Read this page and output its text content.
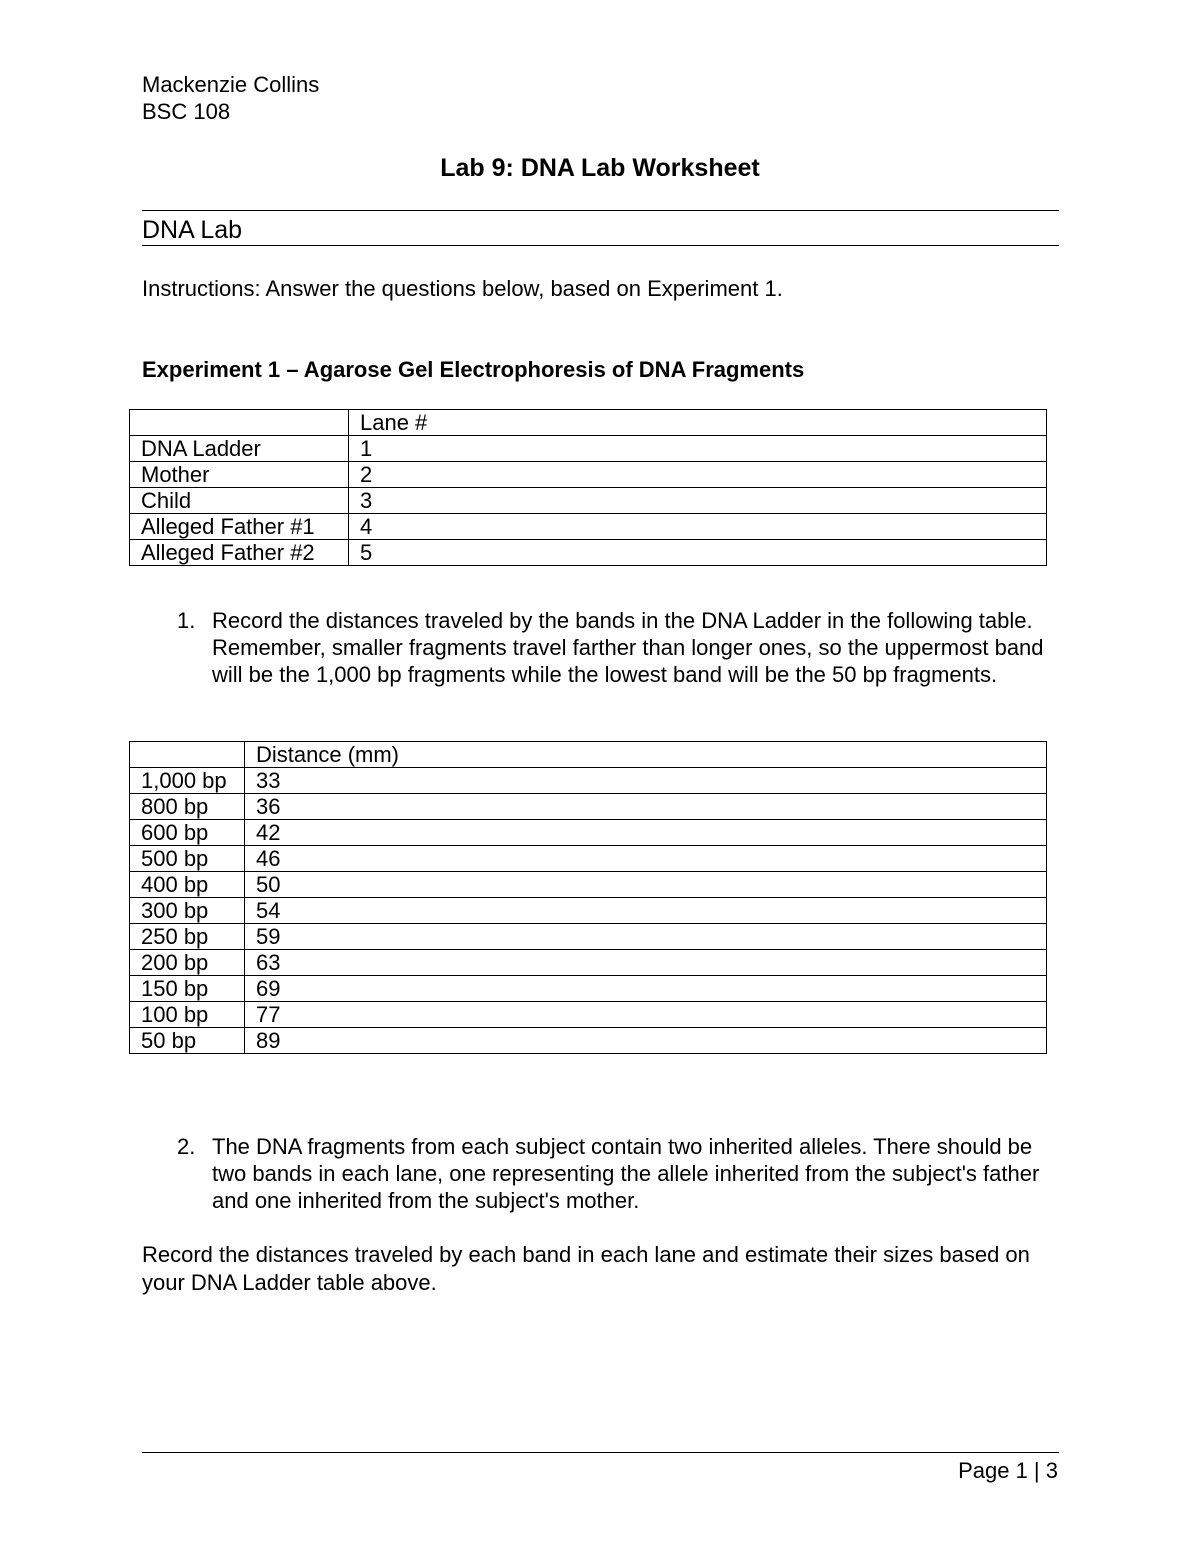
Mackenzie Collins
BSC 108
Lab 9: DNA Lab Worksheet
DNA Lab
Instructions: Answer the questions below, based on Experiment 1.
Experiment 1 – Agarose Gel Electrophoresis of DNA Fragments
	Lane #
DNA Ladder	1
Mother	2
Child	3
Alleged Father #1	4
Alleged Father #2	5
1. Record the distances traveled by the bands in the DNA Ladder in the following table. Remember, smaller fragments travel farther than longer ones, so the uppermost band will be the 1,000 bp fragments while the lowest band will be the 50 bp fragments.
	Distance (mm)
1,000 bp	33
800 bp	36
600 bp	42
500 bp	46
400 bp	50
300 bp	54
250 bp	59
200 bp	63
150 bp	69
100 bp	77
50 bp	89
2. The DNA fragments from each subject contain two inherited alleles. There should be two bands in each lane, one representing the allele inherited from the subject's father and one inherited from the subject's mother.
Record the distances traveled by each band in each lane and estimate their sizes based on your DNA Ladder table above.
Page 1 | 3
